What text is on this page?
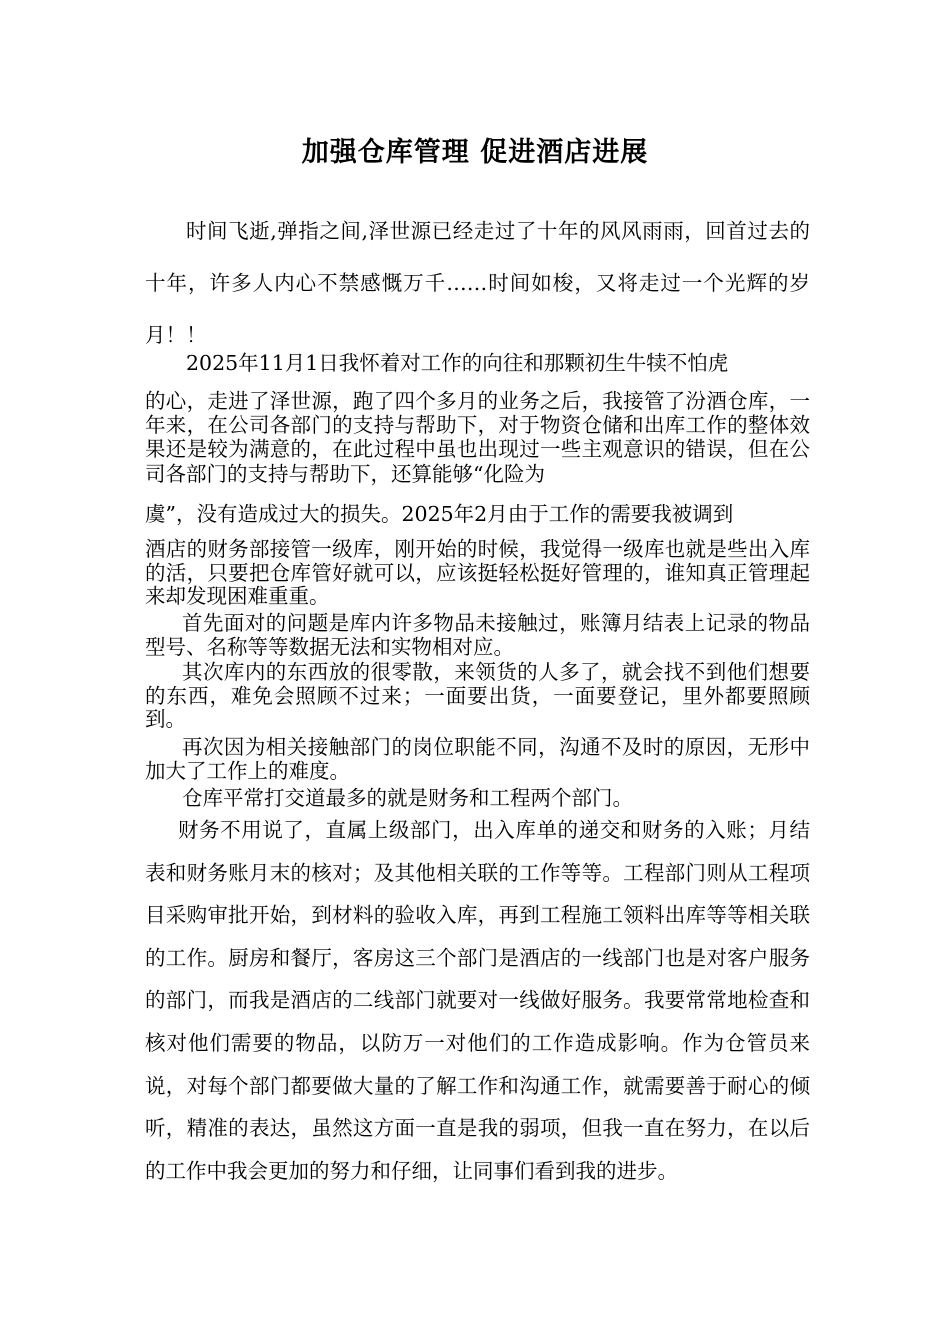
加强仓库管理 促进酒店进展

时间飞逝,弹指之间,泽世源已经走过了十年的风风雨雨，回首过去的十年，许多人内心不禁感慨万千……时间如梭，又将走过一个光辉的岁月！！

2025年11月1日我怀着对工作的向往和那颗初生牛犊不怕虎

的心，走进了泽世源，跑了四个多月的业务之后，我接管了汾酒仓库，一年来，在公司各部门的支持与帮助下，对于物资仓储和出库工作的整体效果还是较为满意的，在此过程中虽也出现过一些主观意识的错误，但在公司各部门的支持与帮助下，还算能够“化险为

虞”，没有造成过大的损失。2025年2月由于工作的需要我被调到

酒店的财务部接管一级库，刚开始的时候，我觉得一级库也就是些出入库的活，只要把仓库管好就可以，应该挺轻松挺好管理的，谁知真正管理起来却发现困难重重。

首先面对的问题是库内许多物品未接触过，账簿月结表上记录的物品型号、名称等等数据无法和实物相对应。

其次库内的东西放的很零散，来领货的人多了，就会找不到他们想要的东西，难免会照顾不过来；一面要出货，一面要登记，里外都要照顾到。

再次因为相关接触部门的岗位职能不同，沟通不及时的原因，无形中加大了工作上的难度。

仓库平常打交道最多的就是财务和工程两个部门。

财务不用说了，直属上级部门，出入库单的递交和财务的入账；月结表和财务账月末的核对；及其他相关联的工作等等。工程部门则从工程项目采购审批开始，到材料的验收入库，再到工程施工领料出库等等相关联的工作。厨房和餐厅，客房这三个部门是酒店的一线部门也是对客户服务的部门，而我是酒店的二线部门就要对一线做好服务。我要常常地检查和核对他们需要的物品，以防万一对他们的工作造成影响。作为仓管员来说，对每个部门都要做大量的了解工作和沟通工作，就需要善于耐心的倾听，精准的表达，虽然这方面一直是我的弱项，但我一直在努力，在以后的工作中我会更加的努力和仔细，让同事们看到我的进步。
